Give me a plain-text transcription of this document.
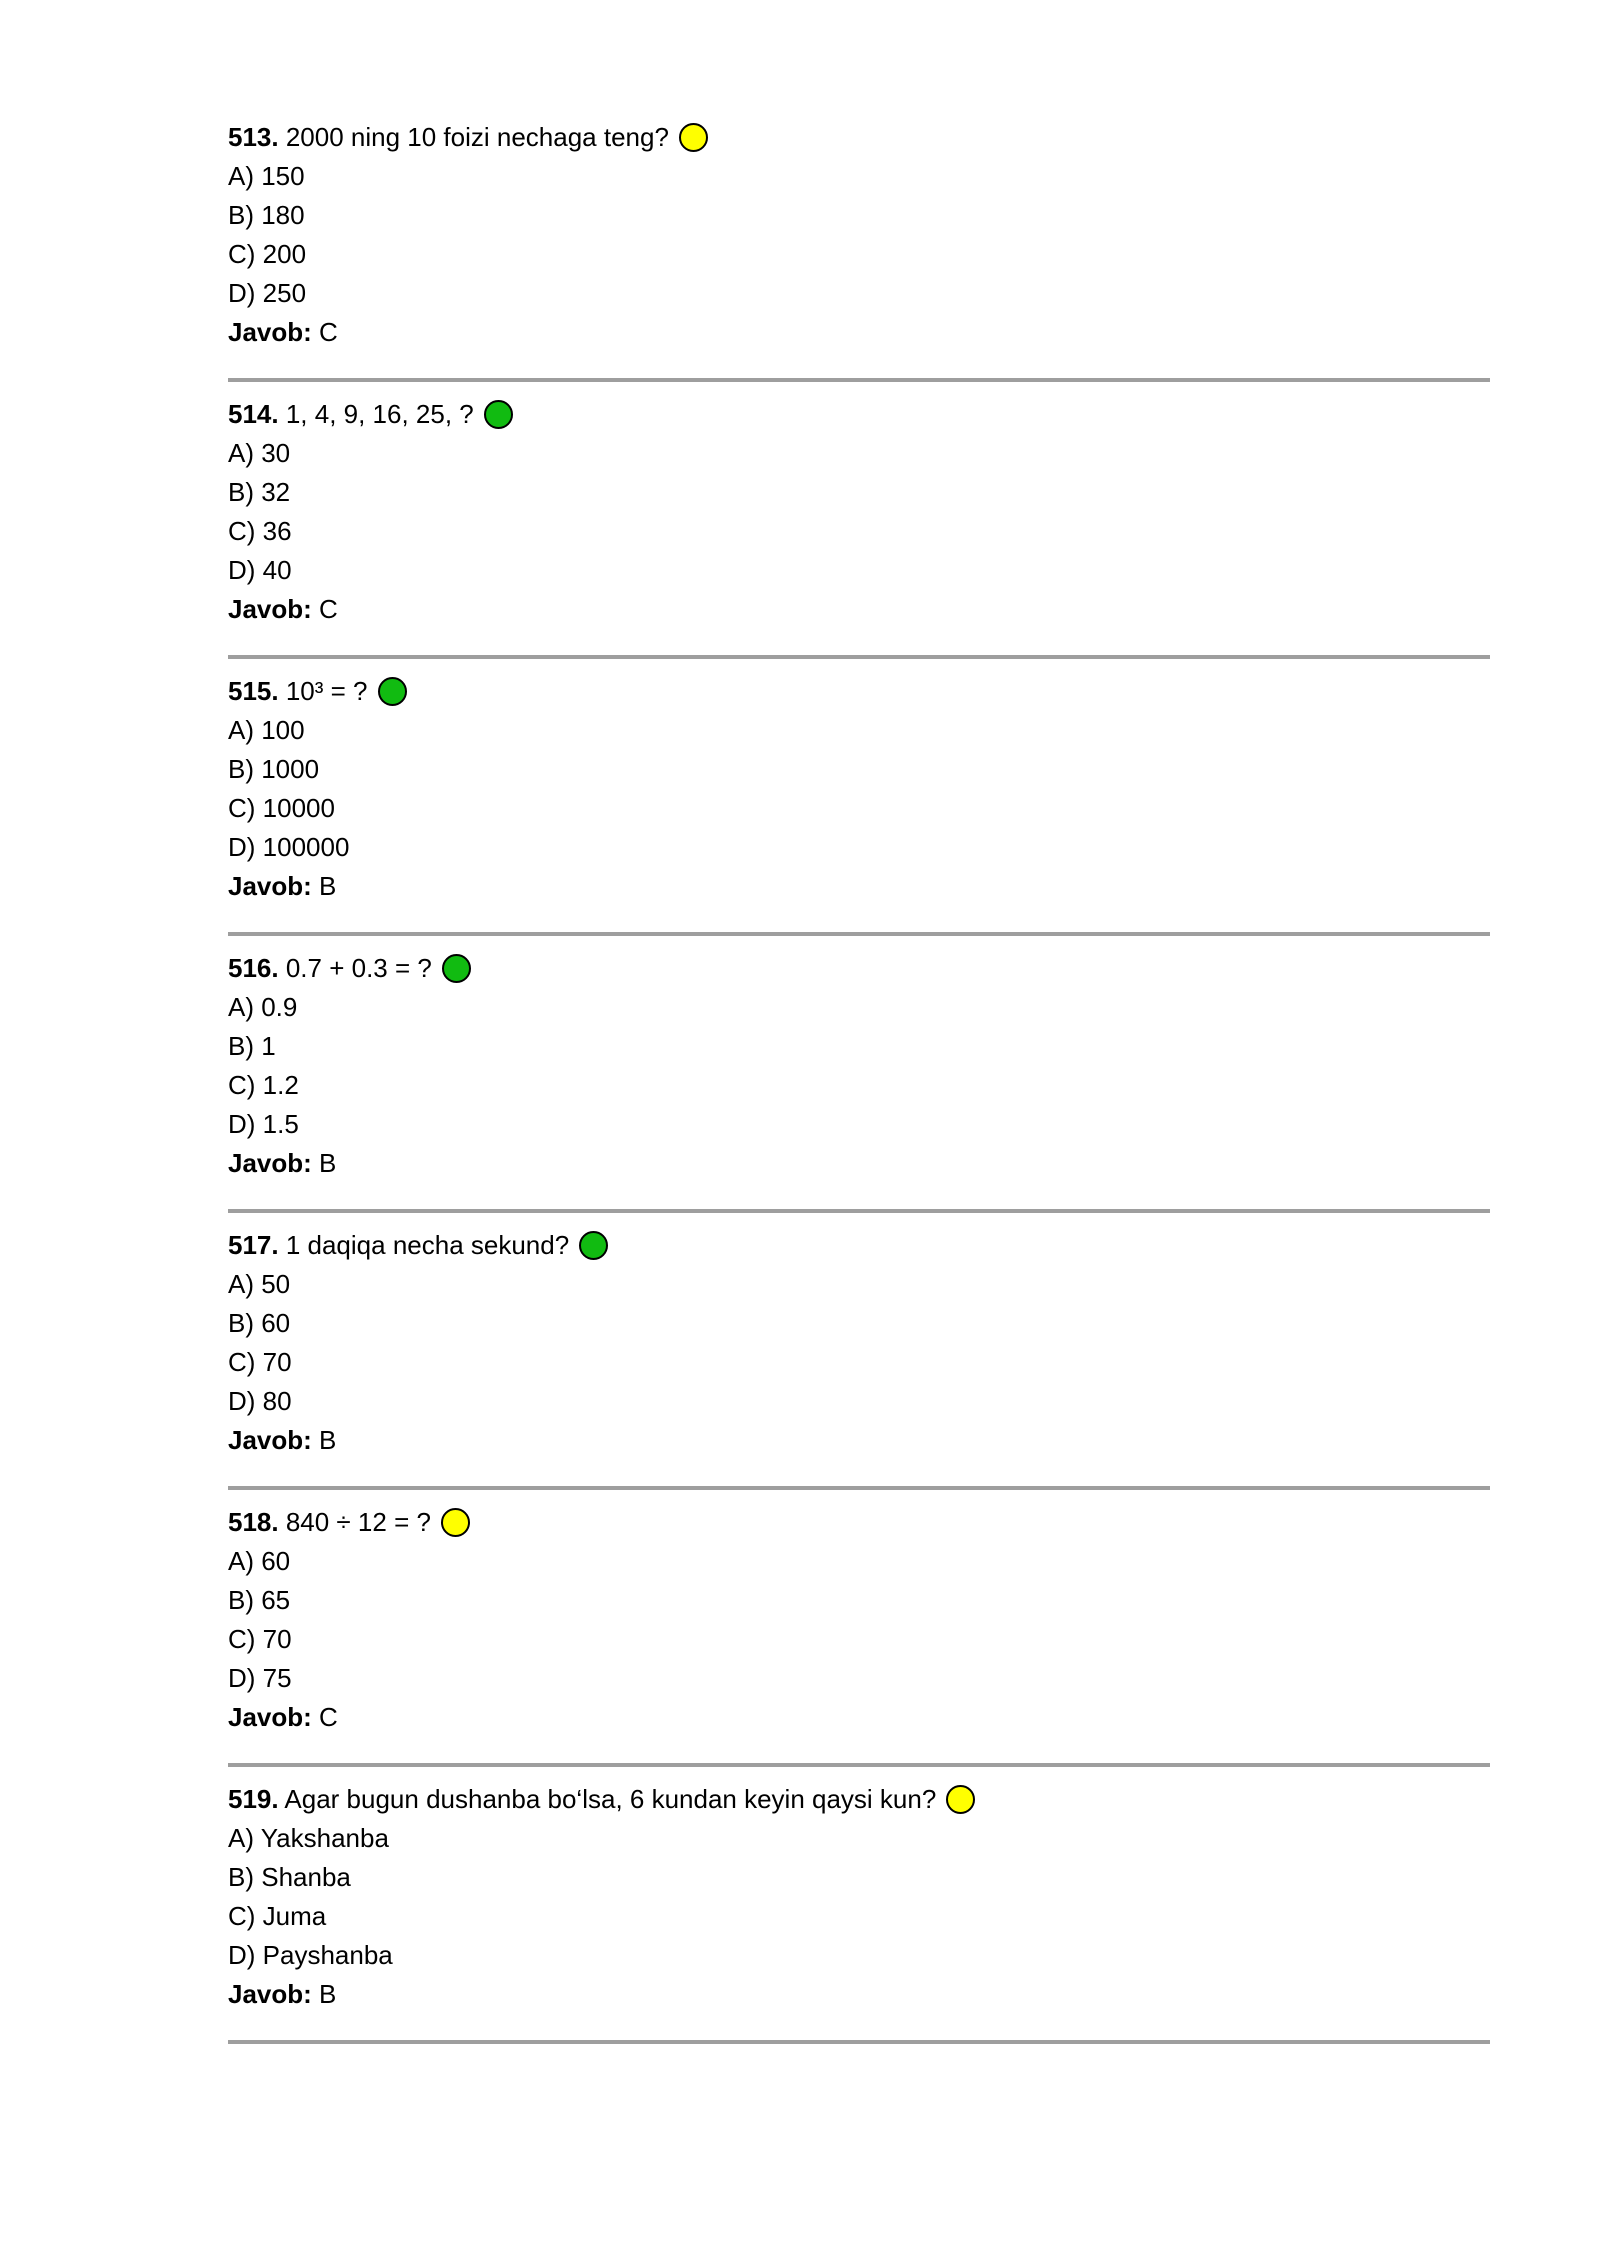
513. 2000 ning 10 foizi nechaga teng?
A) 150
B) 180
C) 200
D) 250
Javob: C
514. 1, 4, 9, 16, 25, ?
A) 30
B) 32
C) 36
D) 40
Javob: C
515. 10³ = ?
A) 100
B) 1000
C) 10000
D) 100000
Javob: B
516. 0.7 + 0.3 = ?
A) 0.9
B) 1
C) 1.2
D) 1.5
Javob: B
517. 1 daqiqa necha sekund?
A) 50
B) 60
C) 70
D) 80
Javob: B
518. 840 ÷ 12 = ?
A) 60
B) 65
C) 70
D) 75
Javob: C
519. Agar bugun dushanba bo‘lsa, 6 kundan keyin qaysi kun?
A) Yakshanba
B) Shanba
C) Juma
D) Payshanba
Javob: B
